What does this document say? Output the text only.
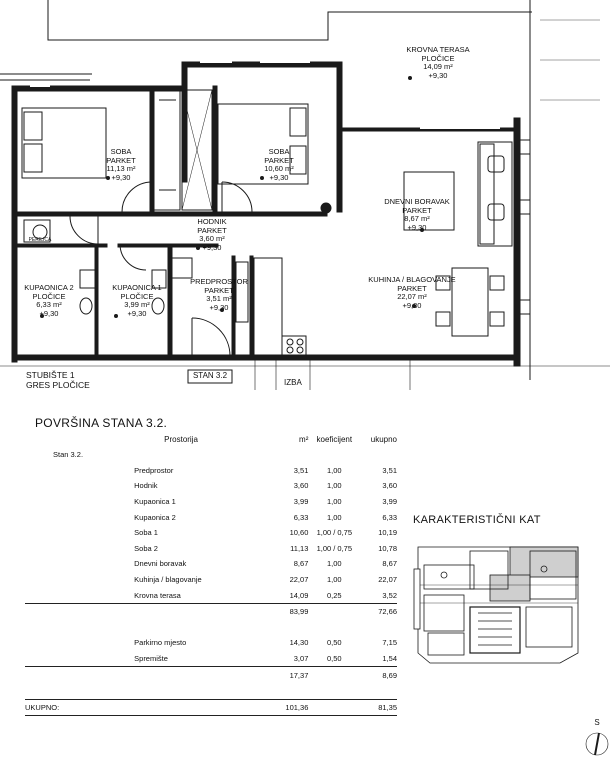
KROVNA TERASA
PLOČICE
14,09 m²
+9,30
SOBA
PARKET
11,13 m²
+9,30
SOBA
PARKET
10,60 m²
+9,30
DNEVNI BORAVAK
PARKET
8,67 m²
+9,30
HODNIK
PARKET
3,60 m²
+9,30
KUPAONICA 2
PLOČICE
6,33 m²
+9,30
KUPAONICA 1
PLOČICE
3,99 m²
+9,30
PREDPROSTOR
PARKET
3,51 m²
+9,30
KUHINJA / BLAGOVANJE
PARKET
22,07 m²
+9,30
PERILICA
STUBIŠTE 1
GRES PLOČICE	IZBA
STAN 3.2
POVRŠINA STANA 3.2.
	Prostorija	m²	koeficijent	ukupno
Stan 3.2.				
	Predprostor	3,51	1,00	3,51
	Hodnik	3,60	1,00	3,60
	Kupaonica 1	3,99	1,00	3,99
	Kupaonica 2	6,33	1,00	6,33
	Soba 1	10,60	1,00 / 0,75	10,19
	Soba 2	11,13	1,00 / 0,75	10,78
	Dnevni boravak	8,67	1,00	8,67
	Kuhinja / blagovanje	22,07	1,00	22,07
	Krovna terasa	14,09	0,25	3,52
		83,99		72,66

	Parkirno mjesto	14,30	0,50	7,15
	Spremište	3,07	0,50	1,54
		17,37		8,69

UKUPNO:		101,36		81,35
KARAKTERISTIČNI KAT
S
